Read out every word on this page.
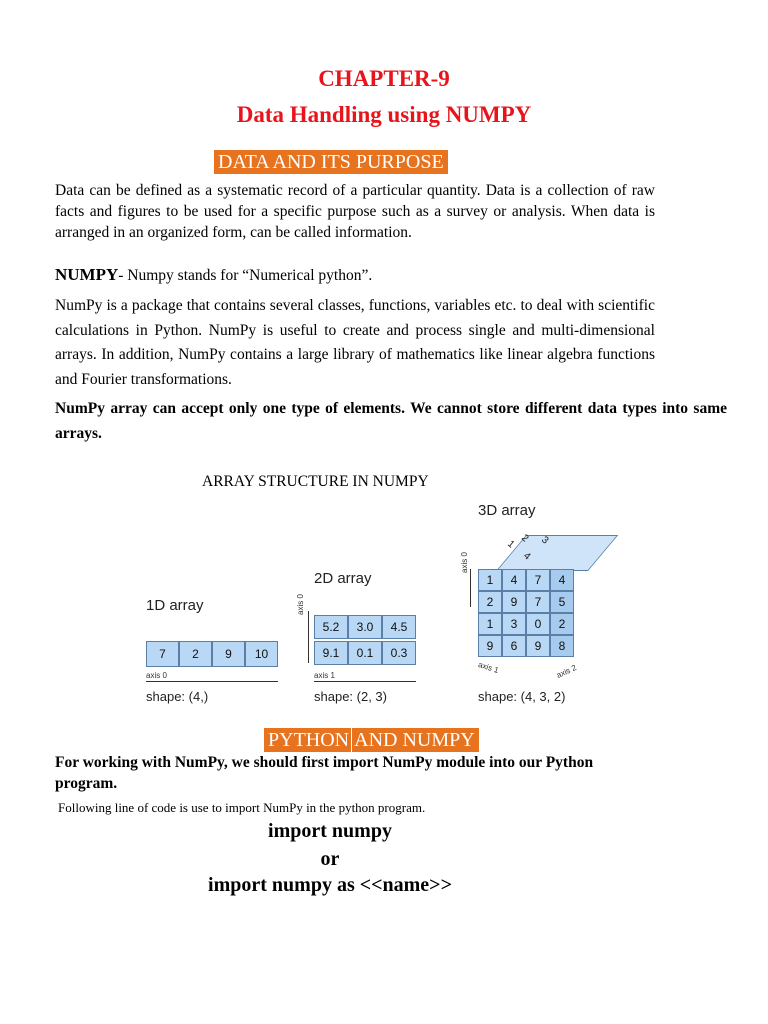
CHAPTER-9
Data Handling using NUMPY
DATA AND ITS PURPOSE
Data can be defined as a systematic record of a particular quantity. Data is a collection of raw facts and figures to be used for a specific purpose such as a survey or analysis. When data is arranged in an organized form, can be called information.
NUMPY- Numpy stands for “Numerical python”.
NumPy is a package that contains several classes, functions, variables etc. to deal with scientific calculations in Python. NumPy is useful to create and process single and multi-dimensional arrays. In addition, NumPy contains a large library of mathematics like linear algebra functions and Fourier transformations.
NumPy array can accept only one type of elements. We cannot store different data types into same arrays.
ARRAY STRUCTURE IN NUMPY
1D array
7	2	9	10
axis 0
shape: (4,)
2D array
axis 0
5.2	3.0	4.5
9.1	0.1	0.3
axis 1
shape: (2, 3)
3D array
1 2 3
4
1	4	7	4
2	9	7	5
1	3	0	2
9	6	9	8
axis 0
axis 1	axis 2
shape: (4, 3, 2)
PYTHON AND NUMPY
For working with NumPy, we should first import NumPy module into our Python program.
Following line of code is use to import NumPy in the python program.
import numpy
or
import numpy as <<name>>
